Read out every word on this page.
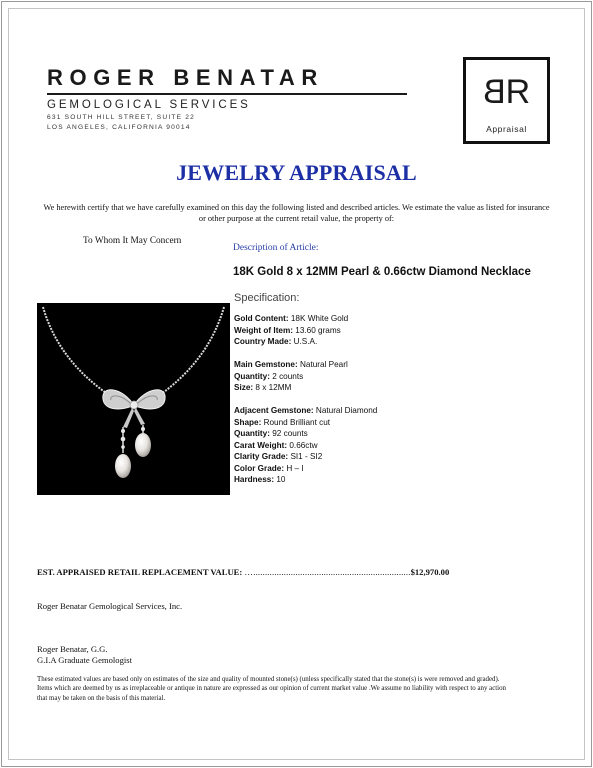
ROGER BENATAR
GEMOLOGICAL SERVICES
631 SOUTH HILL STREET, SUITE 22
LOS ANGELES, CALIFORNIA 90014
BR
Appraisal
JEWELRY APPRAISAL
We herewith certify that we have carefully examined on this day the following listed and described articles. We estimate the value as listed for insurance or other purpose at the current retail value, the property of:
To Whom It May Concern
Description of Article:
18K Gold 8 x 12MM Pearl & 0.66ctw Diamond Necklace
Specification:
Gold Content: 18K White Gold
Weight of Item: 13.60 grams
Country Made: U.S.A.
Main Gemstone: Natural Pearl
Quantity: 2 counts
Size: 8 x 12MM
Adjacent Gemstone: Natural Diamond
Shape: Round Brilliant cut
Quantity: 92 counts
Carat Weight: 0.66ctw
Clarity Grade: SI1 - SI2
Color Grade: H – I
Hardness: 10
EST. APPRAISED RETAIL REPLACEMENT VALUE: …...................................................................$12,970.00
Roger Benatar Gemological Services, Inc.
Roger Benatar, G.G.
G.I.A Graduate Gemologist
These estimated values are based only on estimates of the size and quality of mounted stone(s) (unless specifically stated that the stone(s) is were removed and graded). Items which are deemed by us as irreplaceable or antique in nature are expressed as our opinion of current market value .We assume no liability with respect to any action that may be taken on the basis of this material.
